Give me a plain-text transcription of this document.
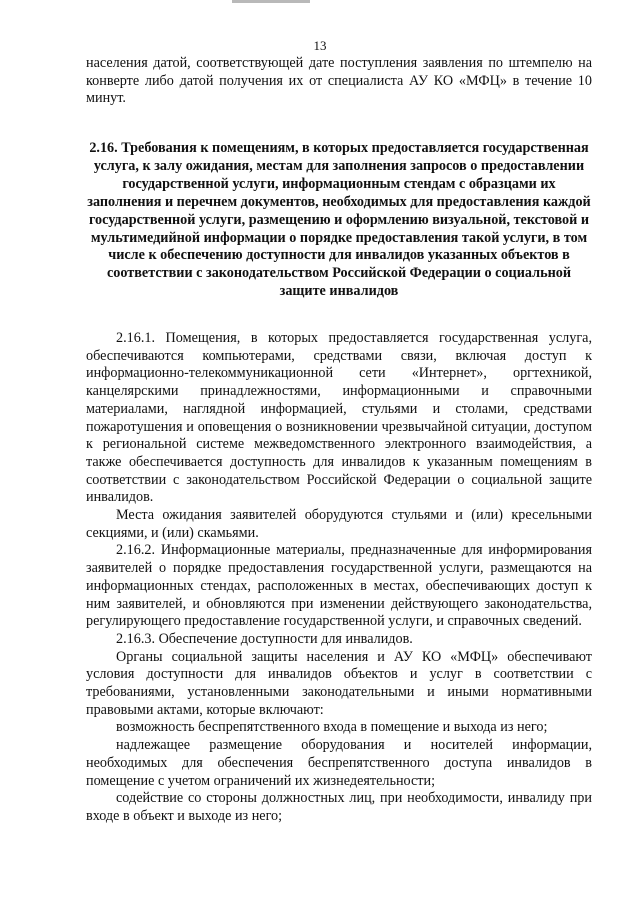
13

населения датой, соответствующей дате поступления заявления по штемпелю на конверте либо датой получения их от специалиста АУ КО «МФЦ» в течение 10 минут.

2.16. Требования к помещениям, в которых предоставляется государственная услуга, к залу ожидания, местам для заполнения запросов о предоставлении государственной услуги, информационным стендам с образцами их заполнения и перечнем документов, необходимых для предоставления каждой государственной услуги, размещению и оформлению визуальной, текстовой и мультимедийной информации о порядке предоставления такой услуги, в том числе к обеспечению доступности для инвалидов указанных объектов в соответствии с законодательством Российской Федерации о социальной защите инвалидов

2.16.1. Помещения, в которых предоставляется государственная услуга, обеспечиваются компьютерами, средствами связи, включая доступ к информационно-телекоммуникационной сети «Интернет», оргтехникой, канцелярскими принадлежностями, информационными и справочными материалами, наглядной информацией, стульями и столами, средствами пожаротушения и оповещения о возникновении чрезвычайной ситуации, доступом к региональной системе межведомственного электронного взаимодействия, а также обеспечивается доступность для инвалидов к указанным помещениям в соответствии с законодательством Российской Федерации о социальной защите инвалидов.

Места ожидания заявителей оборудуются стульями и (или) кресельными секциями, и (или) скамьями.

2.16.2. Информационные материалы, предназначенные для информирования заявителей о порядке предоставления государственной услуги, размещаются на информационных стендах, расположенных в местах, обеспечивающих доступ к ним заявителей, и обновляются при изменении действующего законодательства, регулирующего предоставление государственной услуги, и справочных сведений.

2.16.3. Обеспечение доступности для инвалидов.

Органы социальной защиты населения и АУ КО «МФЦ» обеспечивают условия доступности для инвалидов объектов и услуг в соответствии с требованиями, установленными законодательными и иными нормативными правовыми актами, которые включают:

возможность беспрепятственного входа в помещение и выхода из него;

надлежащее размещение оборудования и носителей информации, необходимых для обеспечения беспрепятственного доступа инвалидов в помещение с учетом ограничений их жизнедеятельности;

содействие со стороны должностных лиц, при необходимости, инвалиду при входе в объект и выходе из него;
